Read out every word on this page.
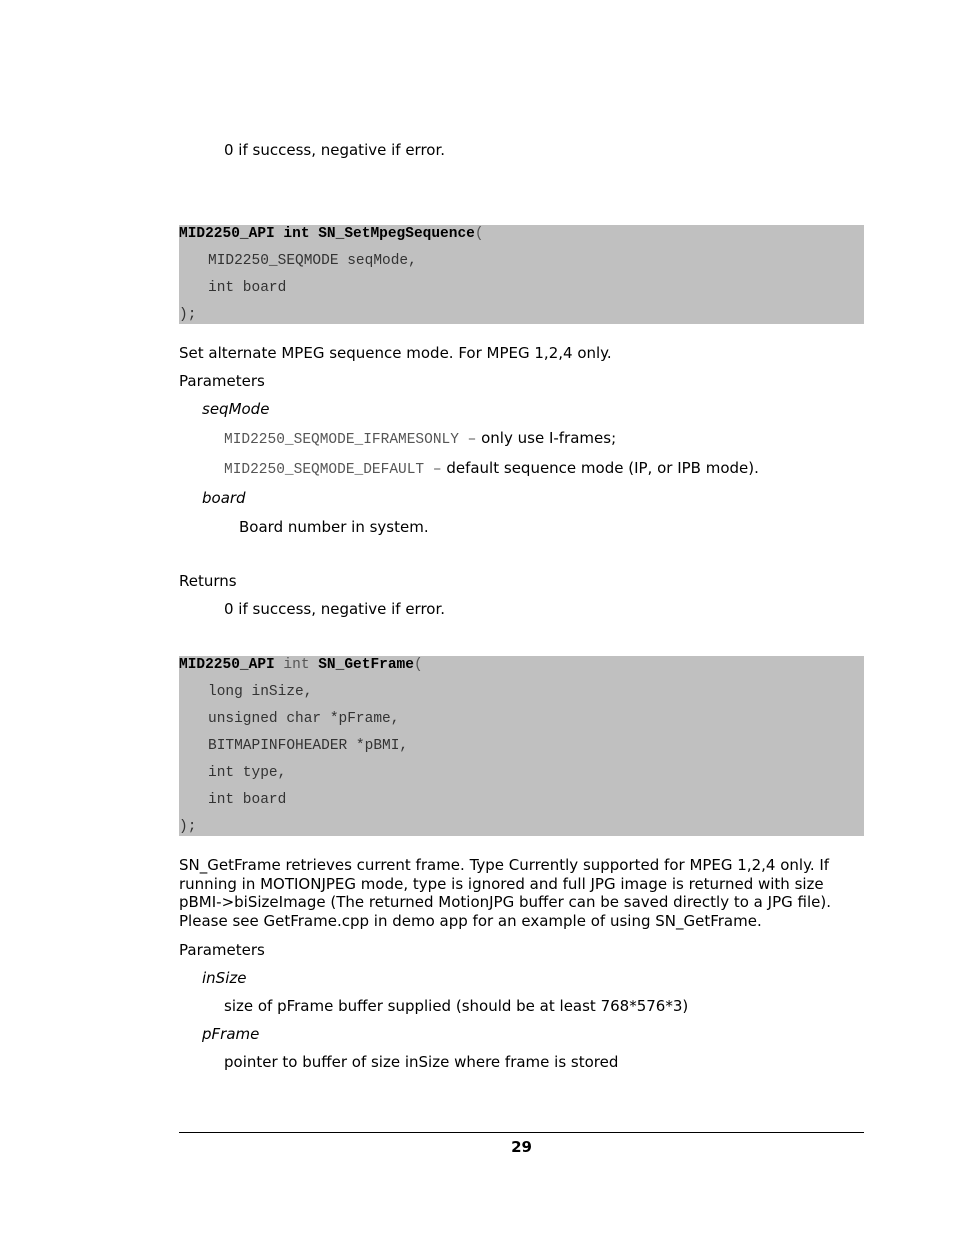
0 if success, negative if error.
MID2250_API int SN_SetMpegSequence(
MID2250_SEQMODE seqMode,
int board
);
Set alternate MPEG sequence mode. For MPEG 1,2,4 only.
Parameters
seqMode
MID2250_SEQMODE_IFRAMESONLY – only use I-frames;
MID2250_SEQMODE_DEFAULT – default sequence mode (IP, or IPB mode).
board
Board number in system.
Returns
0 if success, negative if error.
MID2250_API int SN_GetFrame(
long inSize,
unsigned char *pFrame,
BITMAPINFOHEADER *pBMI,
int type,
int board
);
SN_GetFrame retrieves current frame. Type Currently supported for MPEG 1,2,4 only. If running in MOTIONJPEG mode, type is ignored and full JPG image is returned with size pBMI->biSizeImage (The returned MotionJPG buffer can be saved directly to a JPG file). Please see GetFrame.cpp in demo app for an example of using SN_GetFrame.
Parameters
inSize
size of pFrame buffer supplied (should be at least 768*576*3)
pFrame
pointer to buffer of size inSize where frame is stored
29
